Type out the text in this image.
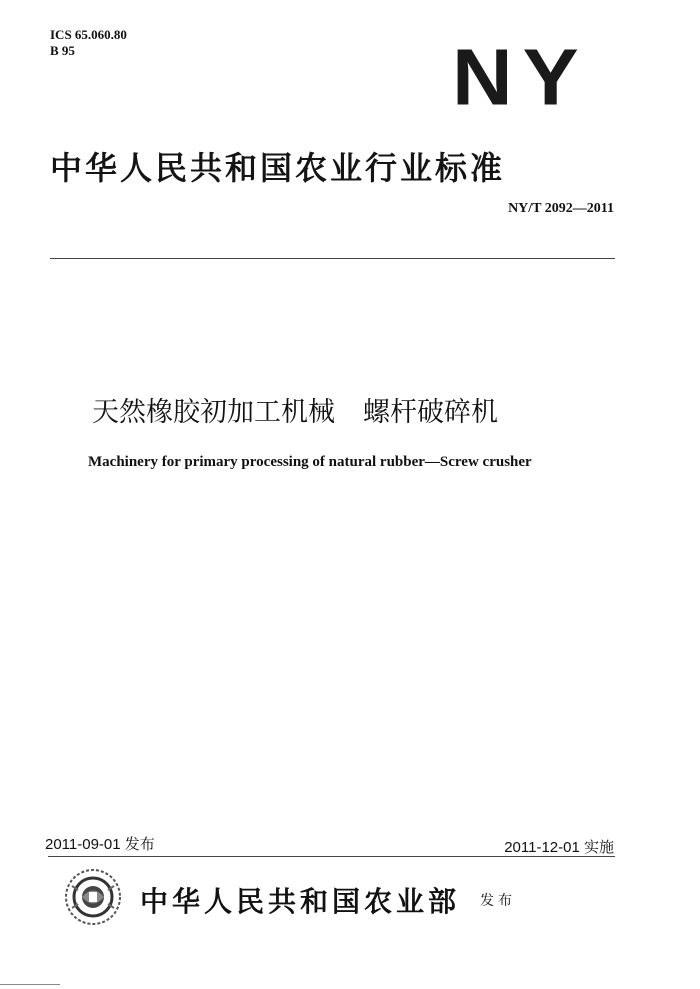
ICS 65.060.80
B 95	NY
中华人民共和国农业行业标准
NY/T 2092—2011
天然橡胶初加工机械 螺杆破碎机
Machinery for primary processing of natural rubber—Screw crusher
2011-09-01 发布	2011-12-01 实施
中华人民共和国农业部 发布
